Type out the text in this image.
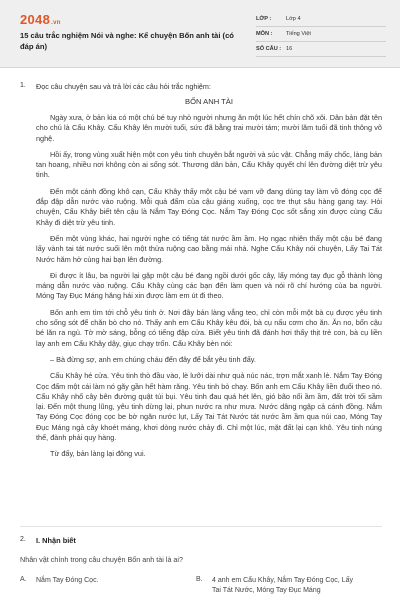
2048.vn
15 câu trắc nghiệm Nói và nghe: Kể chuyện Bốn anh tài (có đáp án)
LỚP :	Lớp 4
MÔN :	Tiếng Việt
SỐ CÂU : 16
1. Đọc câu chuyện sau và trả lời các câu hỏi trắc nghiệm:
BỐN ANH TÀI

Ngày xưa, ở bản kia có một chú bé tuy nhỏ người nhưng ăn một lúc hết chín chõ xôi. Dân bản đặt tên cho chú là Cẩu Khây. Cẩu Khây lên mười tuổi, sức đã bằng trai mười tám; mười lăm tuổi đã tinh thông võ nghệ.

Hồi ấy, trong vùng xuất hiện một con yêu tinh chuyên bắt người và súc vật. Chẳng mấy chốc, làng bản tan hoang, nhiều nơi không còn ai sống sót. Thương dân bản, Cẩu Khây quyết chí lên đường diệt trừ yêu tinh.

Đến một cánh đồng khô cạn, Cẩu Khây thấy một cậu bé vạm vỡ đang dùng tay làm vồ đóng cọc để đắp đập dẫn nước vào ruộng. Mỗi quả đấm của cậu giáng xuống, cọc tre thụt sâu hàng gang tay. Hỏi chuyện, Cẩu Khây biết tên cậu là Nắm Tay Đóng Cọc. Nắm Tay Đóng Cọc sốt sắng xin được cùng Cẩu Khây đi diệt trừ yêu tinh.

Đến một vùng khác, hai người nghe có tiếng tát nước ầm ầm. Họ ngạc nhiên thấy một cậu bé đang lấy vành tai tát nước suối lên một thửa ruộng cao bằng mái nhà. Nghe Cẩu Khây nói chuyện, Lấy Tai Tát Nước hăm hở cùng hai bạn lên đường.

Đi được ít lâu, ba người lại gặp một cậu bé đang ngồi dưới gốc cây, lấy móng tay đục gỗ thành lòng máng dẫn nước vào ruộng. Cẩu Khây cùng các bạn đến làm quen và nói rõ chí hướng của ba người. Móng Tay Đục Máng hăng hái xin được làm em út đi theo.

Bốn anh em tìm tới chỗ yêu tinh ở. Nơi đây bản làng vắng teo, chỉ còn mỗi một bà cụ được yêu tinh cho sống sót để chăn bò cho nó. Thấy anh em Cẩu Khây kêu đói, bà cụ nấu cơm cho ăn. Ăn no, bốn cậu bé lăn ra ngủ. Tờ mờ sáng, bỗng có tiếng đập cửa. Biết yêu tinh đã đánh hơi thấy thịt trẻ con, bà cụ liền lay anh em Cẩu Khây dậy, giục chạy trốn. Cẩu Khây bèn nói:

– Bà đừng sợ, anh em chúng cháu đến đây để bắt yêu tinh đấy.

Cẩu Khây hé cửa. Yêu tinh thò đầu vào, lè lưỡi dài như quả núc nác, trợn mắt xanh lè. Nắm Tay Đóng Cọc đấm một cái làm nó gãy gần hết hàm răng. Yêu tinh bỏ chạy. Bốn anh em Cẩu Khây liền đuổi theo nó. Cẩu Khây nhổ cây bên đường quật túi bụi. Yêu tinh đau quá hét lên, gió bão nổi ầm ầm, đất trời tối sầm lại. Đến một thung lũng, yêu tinh dừng lại, phun nước ra như mưa. Nước dâng ngập cả cánh đồng. Nắm Tay Đóng Cọc đóng cọc be bờ ngăn nước lụt, Lấy Tai Tát Nước tát nước ầm ầm qua núi cao, Móng Tay Đục Máng ngả cây khoét máng, khơi dòng nước chảy đi. Chỉ một lúc, mặt đất lại cạn khô. Yêu tinh núng thế, đành phải quy hàng.

Từ đấy, bản làng lại đông vui.

2. I. Nhận biết
Nhân vật chính trong câu chuyện Bốn anh tài là ai?
A.	Nắm Tay Đóng Cọc.	B.	4 anh em Cẩu Khây, Nắm Tay Đóng Cọc, Lấy Tai Tát Nước, Móng Tay Đục Máng
